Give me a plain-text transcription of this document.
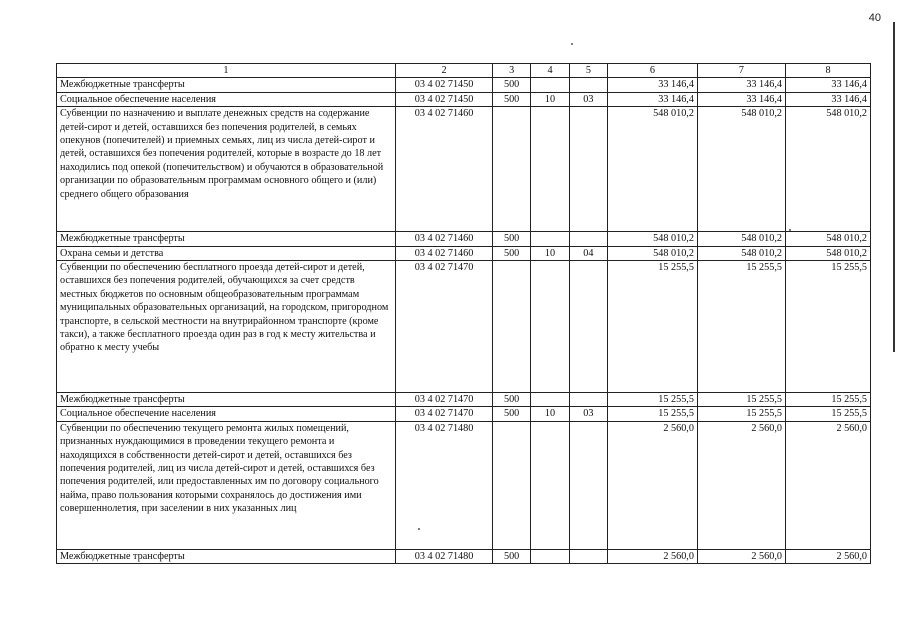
40
1	2	3	4	5	6	7	8
Межбюджетные трансферты	03 4 02 71450	500			33 146,4	33 146,4	33 146,4
Социальное обеспечение населения	03 4 02 71450	500	10	03	33 146,4	33 146,4	33 146,4
Субвенции по назначению и выплате денежных средств на содержание детей-сирот и детей, оставшихся без попечения родителей, в семьях опекунов (попечителей) и приемных семьях, лиц из числа детей-сирот и детей, оставшихся без попечения родителей, которые в возрасте до 18 лет находились под опекой (попечительством) и обучаются в образовательной организации по образовательным программам основного общего и (или) среднего общего образования	03 4 02 71460				548 010,2	548 010,2	548 010,2
Межбюджетные трансферты	03 4 02 71460	500			548 010,2	548 010,2	548 010,2
Охрана семьи и детства	03 4 02 71460	500	10	04	548 010,2	548 010,2	548 010,2
Субвенции по обеспечению бесплатного проезда детей-сирот и детей, оставшихся без попечения родителей, обучающихся за счет средств местных бюджетов по основным общеобразовательным программам муниципальных образовательных организаций, на городском, пригородном транспорте, в сельской местности на внутрирайонном транспорте (кроме такси), а также бесплатного проезда один раз в год к месту жительства и обратно к месту учебы	03 4 02 71470				15 255,5	15 255,5	15 255,5
Межбюджетные трансферты	03 4 02 71470	500			15 255,5	15 255,5	15 255,5
Социальное обеспечение населения	03 4 02 71470	500	10	03	15 255,5	15 255,5	15 255,5
Субвенции по обеспечению текущего ремонта жилых помещений, признанных нуждающимися в проведении текущего ремонта и находящихся в собственности детей-сирот и детей, оставшихся без попечения родителей, лиц из числа детей-сирот и детей, оставшихся без попечения родителей, или предоставленных им по договору социального найма, право пользования которыми сохранялось до достижения ими совершеннолетия, при заселении в них указанных лиц	03 4 02 71480				2 560,0	2 560,0	2 560,0
Межбюджетные трансферты	03 4 02 71480	500			2 560,0	2 560,0	2 560,0
